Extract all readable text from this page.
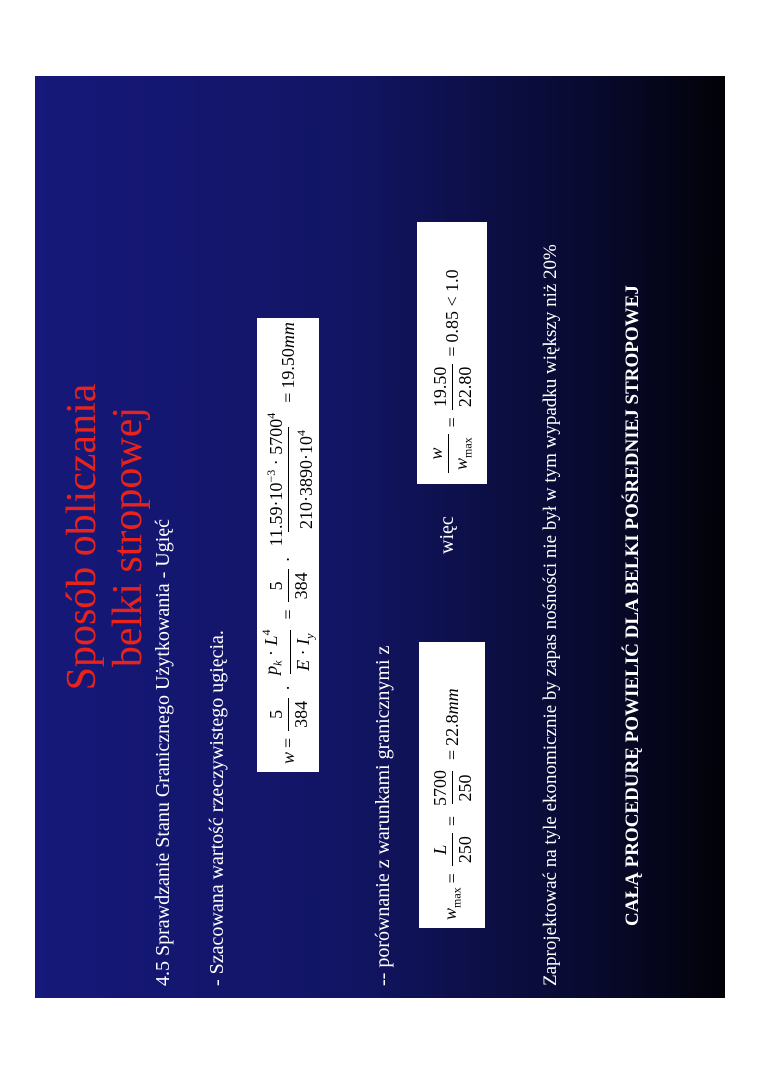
Sposób obliczania belki stropowej 4.5 Sprawdzanie Stanu Granicznego Użytkowania - Ugięć - Szacowana wartość rzeczywistego ugięcia.	w
=
5 384
·
$p_k \cdot L^4$
$E \cdot I_y$
=
5 384
·
$11.59\cdot 10^{-3} \cdot 5700^4$
$210\cdot 3890\cdot 10^4$
=
19.50mm
-- porównanie z warunkami granicznymi z	$w_{max}$
=
L 250
=
5700 250
=
22.8mm
więc
w
$w_{max}$
=
19.50 22.80
=
0.85 < 1.0	Zaprojektować na tyle ekonomicznie by zapas nośności nie był w tym wypadku większy niż 20%	CAŁĄ PROCEDURĘ POWIELIĆ DLA BELKI POŚREDNIEJ STROPOWEJ
